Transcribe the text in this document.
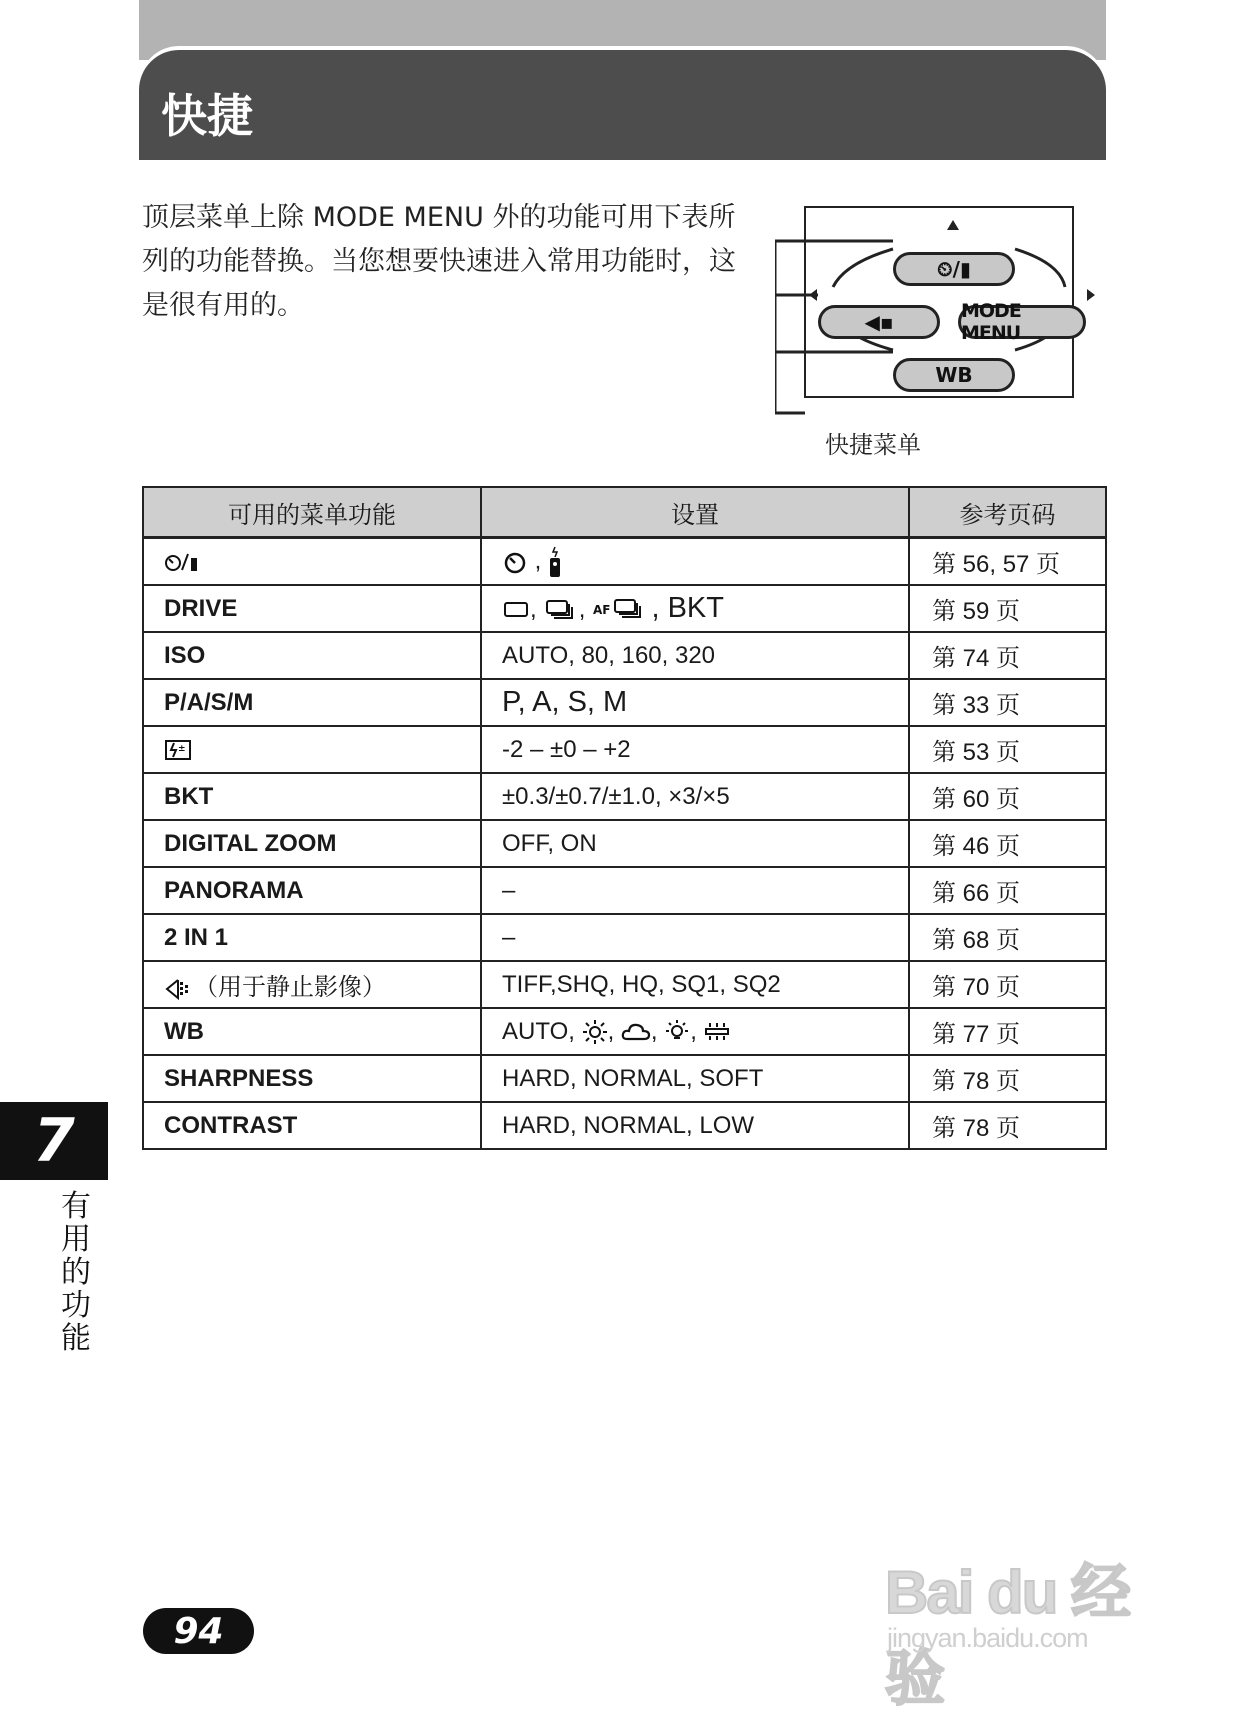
快捷
顶层菜单上除 MODE MENU 外的功能可用下表所列的功能替换。当您想要快速进入常用功能时，这是很有用的。
⏲/▮
◀▪	MODE MENU
WB
快捷菜单
可用的菜单功能	设置	参考页码
	,	第 56, 57 页
DRIVE	, , AF , BKT	第 59 页
ISO	AUTO, 80, 160, 320	第 74 页
P/A/S/M	P, A, S, M	第 33 页

±	-2 – ±0 – +2	第 53 页
BKT	±0.3/±0.7/±1.0, ×3/×5	第 60 页
DIGITAL ZOOM	OFF, ON	第 46 页
PANORAMA	–	第 66 页
2 IN 1	–	第 68 页
（用于静止影像）	TIFF,SHQ, HQ, SQ1, SQ2	第 70 页
WB	AUTO, , , ,	第 77 页
SHARPNESS	HARD, NORMAL, SOFT	第 78 页
CONTRAST	HARD, NORMAL, LOW	第 78 页
7
有用的功能
94
Bai du 经验
jingyan.baidu.com
